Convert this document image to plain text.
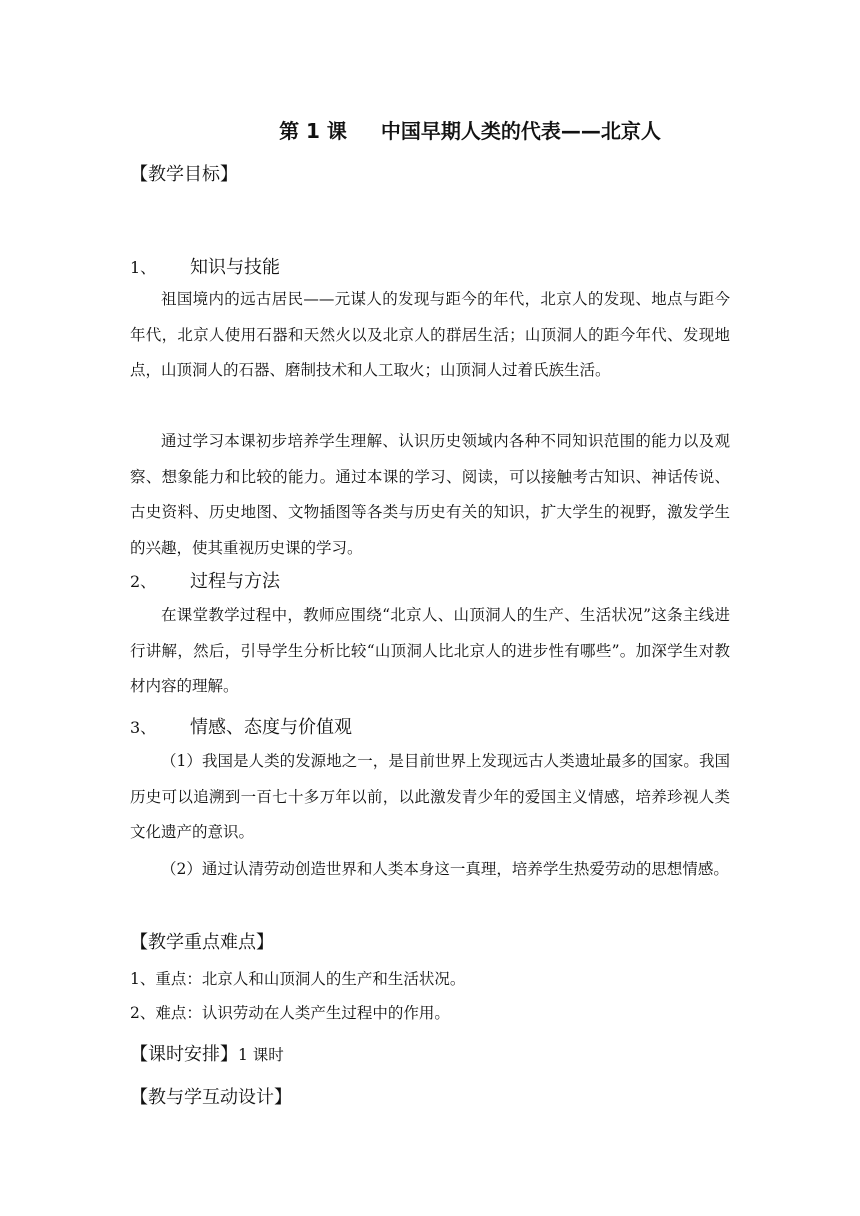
第 1 课 中国早期人类的代表——北京人
【教学目标】
1、 知识与技能

祖国境内的远古居民——元谋人的发现与距今的年代，北京人的发现、地点与距今年代，北京人使用石器和天然火以及北京人的群居生活；山顶洞人的距今年代、发现地点，山顶洞人的石器、磨制技术和人工取火；山顶洞人过着氏族生活。

通过学习本课初步培养学生理解、认识历史领域内各种不同知识范围的能力以及观察、想象能力和比较的能力。通过本课的学习、阅读，可以接触考古知识、神话传说、古史资料、历史地图、文物插图等各类与历史有关的知识，扩大学生的视野，激发学生的兴趣，使其重视历史课的学习。

2、 过程与方法

在课堂教学过程中，教师应围绕“北京人、山顶洞人的生产、生活状况”这条主线进行讲解，然后，引导学生分析比较“山顶洞人比北京人的进步性有哪些”。加深学生对教材内容的理解。

3、 情感、态度与价值观

（1）我国是人类的发源地之一，是目前世界上发现远古人类遗址最多的国家。我国历史可以追溯到一百七十多万年以前，以此激发青少年的爱国主义情感，培养珍视人类文化遗产的意识。

（2）通过认清劳动创造世界和人类本身这一真理，培养学生热爱劳动的思想情感。

【教学重点难点】
1、重点：北京人和山顶洞人的生产和生活状况。
2、难点：认识劳动在人类产生过程中的作用。
【课时安排】1 课时
【教与学互动设计】
